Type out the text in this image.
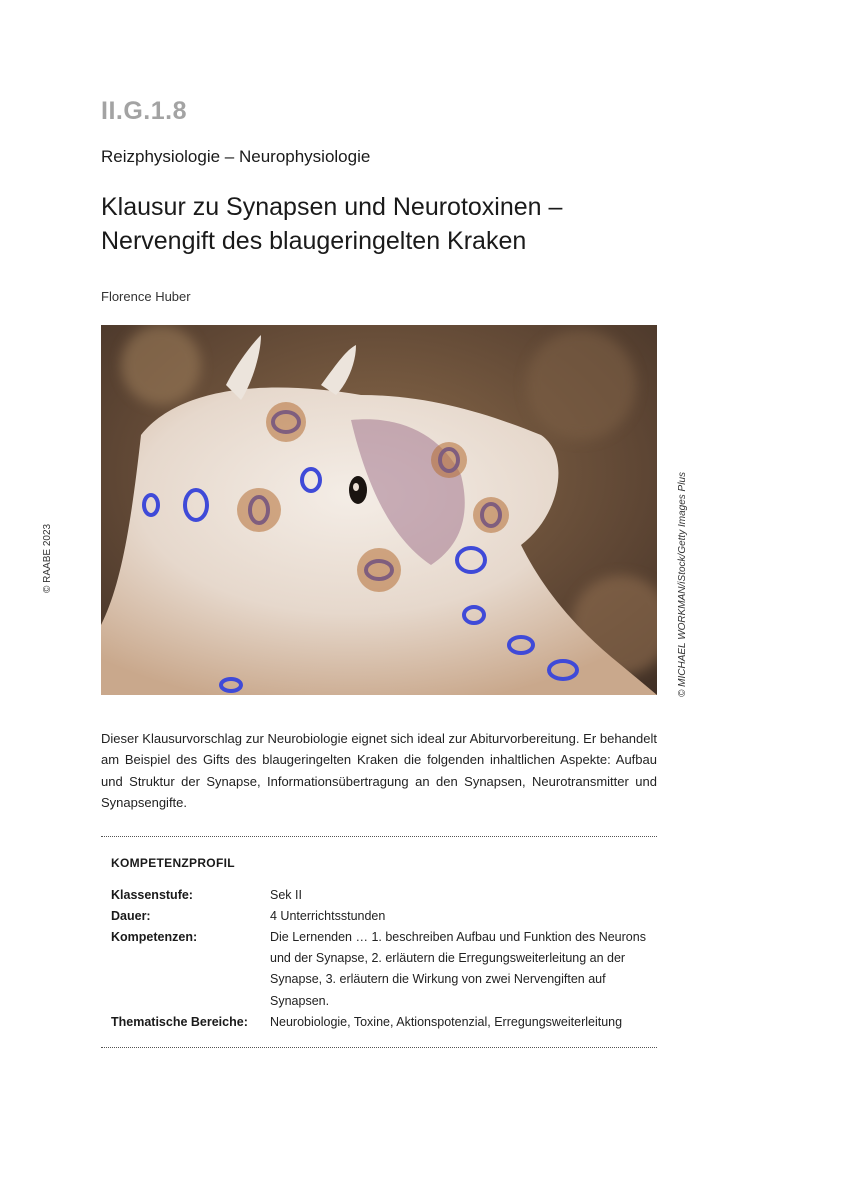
II.G.1.8
Reizphysiologie – Neurophysiologie
Klausur zu Synapsen und Neurotoxinen –
Nervengift des blaugeringelten Kraken
Florence Huber
© RAABE 2023	© MICHAEL WORKMAN/iStock/Getty Images Plus

Dieser Klausurvorschlag zur Neurobiologie eignet sich ideal zur Abiturvorbereitung. Er behandelt am Beispiel des Gifts des blaugeringelten Kraken die folgenden inhaltlichen Aspekte: Aufbau und Struktur der Synapse, Informationsübertragung an den Synapsen, Neurotransmitter und Synapsengifte.

KOMPETENZPROFIL
Klassenstufe:	Sek II
Dauer:	4 Unterrichtsstunden
Kompetenzen:	Die Lernenden … 1. beschreiben Aufbau und Funktion des Neurons und der Synapse, 2. erläutern die Erregungsweiterleitung an der Synapse, 3. erläutern die Wirkung von zwei Nervengiften auf Synapsen.
Thematische Bereiche:	Neurobiologie, Toxine, Aktionspotenzial, Erregungsweiterleitung
